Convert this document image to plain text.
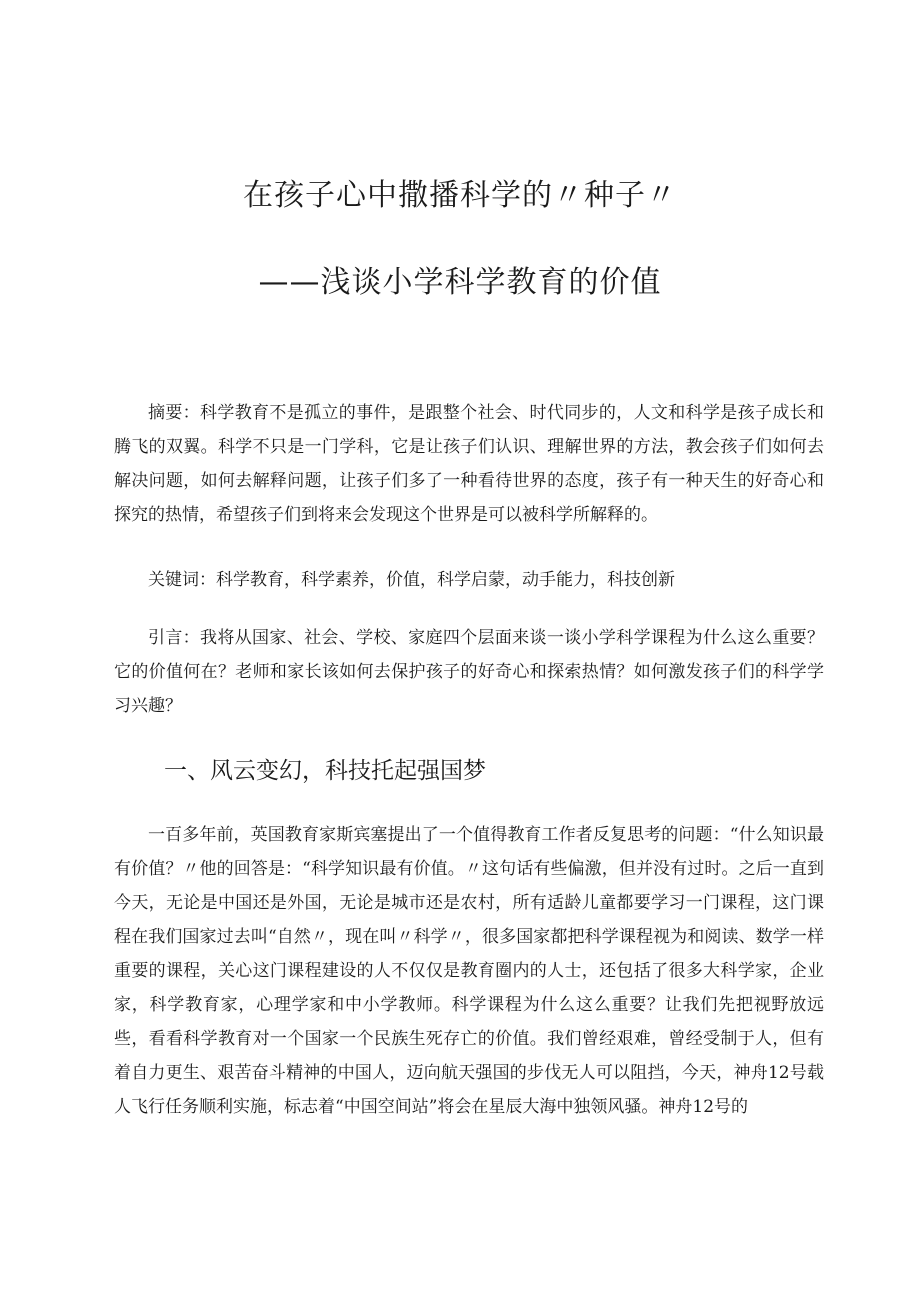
在孩子心中撒播科学的〃种子〃
——浅谈小学科学教育的价值

摘要：科学教育不是孤立的事件，是跟整个社会、时代同步的，人文和科学是孩子成长和腾飞的双翼。科学不只是一门学科，它是让孩子们认识、理解世界的方法，教会孩子们如何去解决问题，如何去解释问题，让孩子们多了一种看待世界的态度，孩子有一种天生的好奇心和探究的热情，希望孩子们到将来会发现这个世界是可以被科学所解释的。

关键词：科学教育，科学素养，价值，科学启蒙，动手能力，科技创新

引言：我将从国家、社会、学校、家庭四个层面来谈一谈小学科学课程为什么这么重要？它的价值何在？老师和家长该如何去保护孩子的好奇心和探索热情？如何激发孩子们的科学学习兴趣？

一、风云变幻，科技托起强国梦

一百多年前，英国教育家斯宾塞提出了一个值得教育工作者反复思考的问题：“什么知识最有价值？〃他的回答是：“科学知识最有价值。〃这句话有些偏激，但并没有过时。之后一直到今天，无论是中国还是外国，无论是城市还是农村，所有适龄儿童都要学习一门课程，这门课程在我们国家过去叫“自然〃，现在叫〃科学〃，很多国家都把科学课程视为和阅读、数学一样重要的课程，关心这门课程建设的人不仅仅是教育圈内的人士，还包括了很多大科学家，企业家，科学教育家，心理学家和中小学教师。科学课程为什么这么重要？让我们先把视野放远些，看看科学教育对一个国家一个民族生死存亡的价值。我们曾经艰难，曾经受制于人，但有着自力更生、艰苦奋斗精神的中国人，迈向航天强国的步伐无人可以阻挡，今天，神舟12号载人飞行任务顺利实施，标志着“中国空间站”将会在星辰大海中独领风骚。神舟12号的
